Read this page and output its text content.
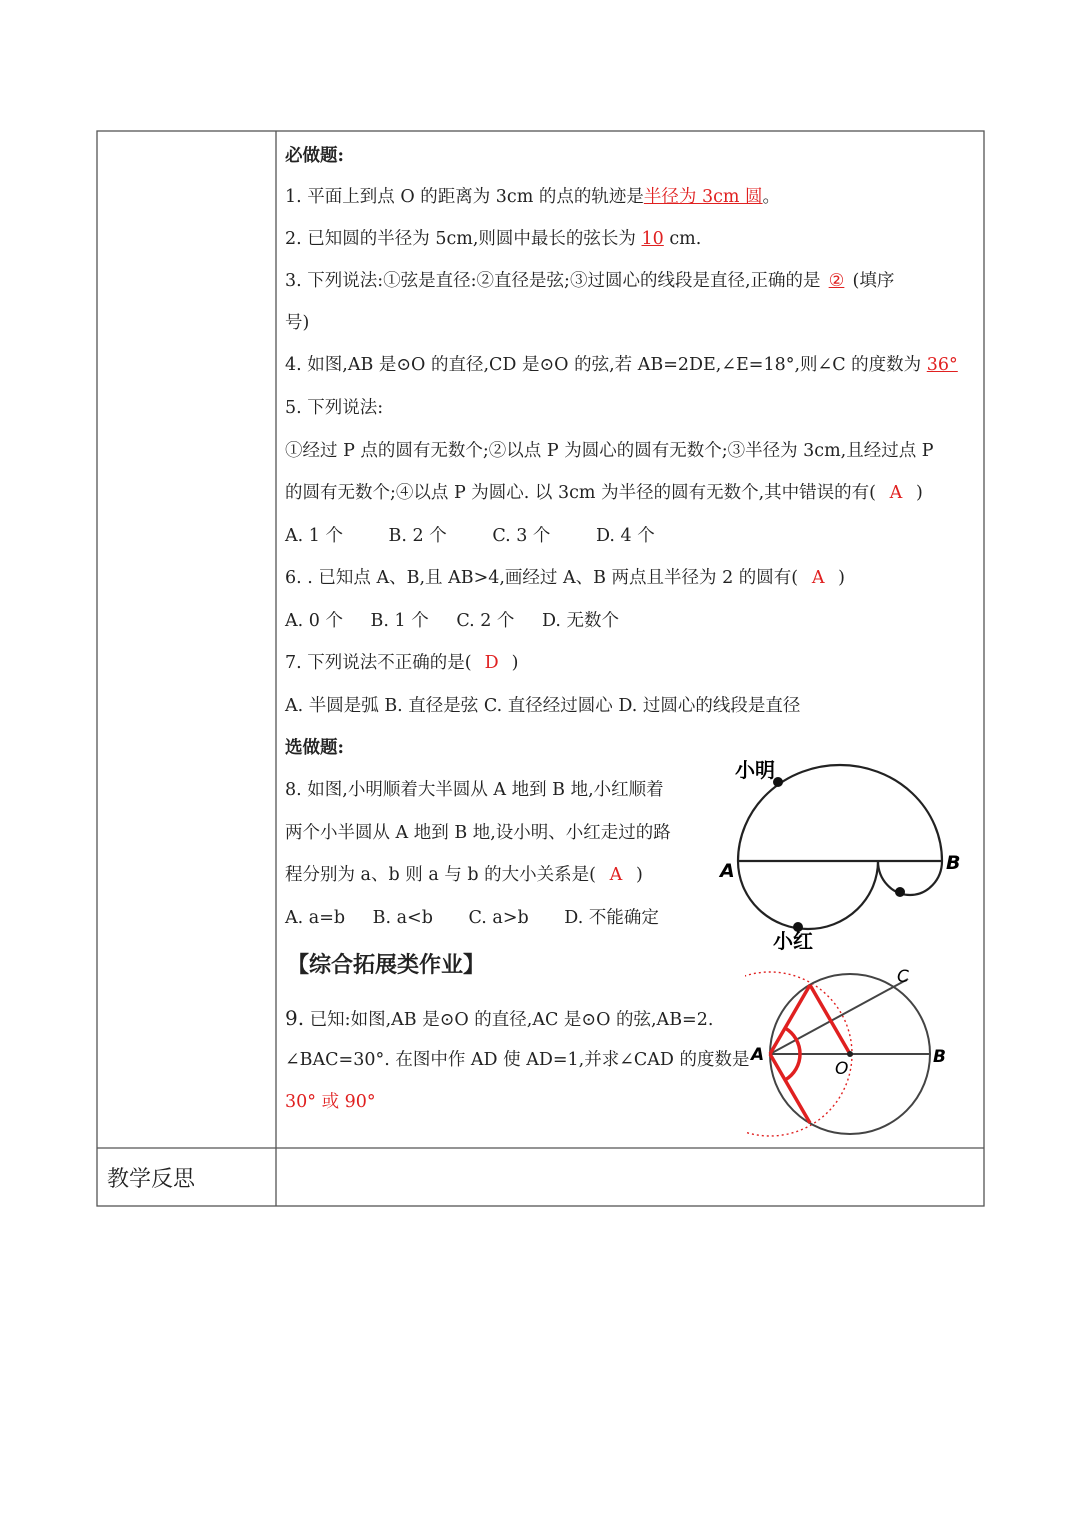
必做题:
1. 平面上到点 O 的距离为 3cm 的点的轨迹是半径为 3cm 圆。
2. 已知圆的半径为 5cm,则圆中最长的弦长为 10 cm.
3. 下列说法:①弦是直径:②直径是弦;③过圆心的线段是直径,正确的是 ② (填序
号)
4. 如图,AB 是⊙O 的直径,CD 是⊙O 的弦,若 AB=2DE,∠E=18°,则∠C 的度数为 36°
5. 下列说法:
①经过 P 点的圆有无数个;②以点 P 为圆心的圆有无数个;③半径为 3cm,且经过点 P
的圆有无数个;④以点 P 为圆心. 以 3cm 为半径的圆有无数个,其中错误的有( A )
A. 1 个	B. 2 个	C. 3 个	D. 4 个
6. . 已知点 A、B,且 AB>4,画经过 A、B 两点且半径为 2 的圆有( A )
A. 0 个 B. 1 个 C. 2 个 D. 无数个
7. 下列说法不正确的是( D )
A. 半圆是弧 B. 直径是弦 C. 直径经过圆心 D. 过圆心的线段是直径
选做题:
8. 如图,小明顺着大半圆从 A 地到 B 地,小红顺着
两个小半圆从 A 地到 B 地,设小明、小红走过的路
程分别为 a、b 则 a 与 b 的大小关系是( A )
A. a=b B. a<b C. a>b D. 不能确定
【综合拓展类作业】
9. 已知:如图,AB 是⊙O 的直径,AC 是⊙O 的弦,AB=2.
∠BAC=30°. 在图中作 AD 使 AD=1,并求∠CAD 的度数是
30° 或 90°
小明
小红
A	B
A	B
C
O
教学反思
